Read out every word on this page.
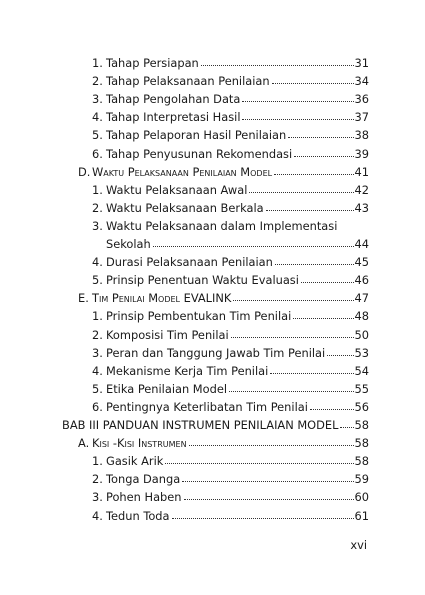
1. Tahap Persiapan	31
2. Tahap Pelaksanaan Penilaian	34
3. Tahap Pengolahan Data	36
4. Tahap Interpretasi Hasil	37
5. Tahap Pelaporan Hasil Penilaian	38
6. Tahap Penyusunan Rekomendasi	39
D. Waktu Pelaksanaan Penilaian Model	41
1. Waktu Pelaksanaan Awal	42
2. Waktu Pelaksanaan Berkala	43
3. Waktu Pelaksanaan dalam Implementasi
Sekolah	44
4. Durasi Pelaksanaan Penilaian	45
5. Prinsip Penentuan Waktu Evaluasi	46
E. Tim Penilai Model EVALINK	47
1. Prinsip Pembentukan Tim Penilai	48
2. Komposisi Tim Penilai	50
3. Peran dan Tanggung Jawab Tim Penilai	53
4. Mekanisme Kerja Tim Penilai	54
5. Etika Penilaian Model	55
6. Pentingnya Keterlibatan Tim Penilai	56
BAB III PANDUAN INSTRUMEN PENILAIAN MODEL 58
A. Kisi -Kisi Instrumen	58
1. Gasik Arik	58
2. Tonga Danga	59
3. Pohen Haben	60
4. Tedun Toda	61
xvi
